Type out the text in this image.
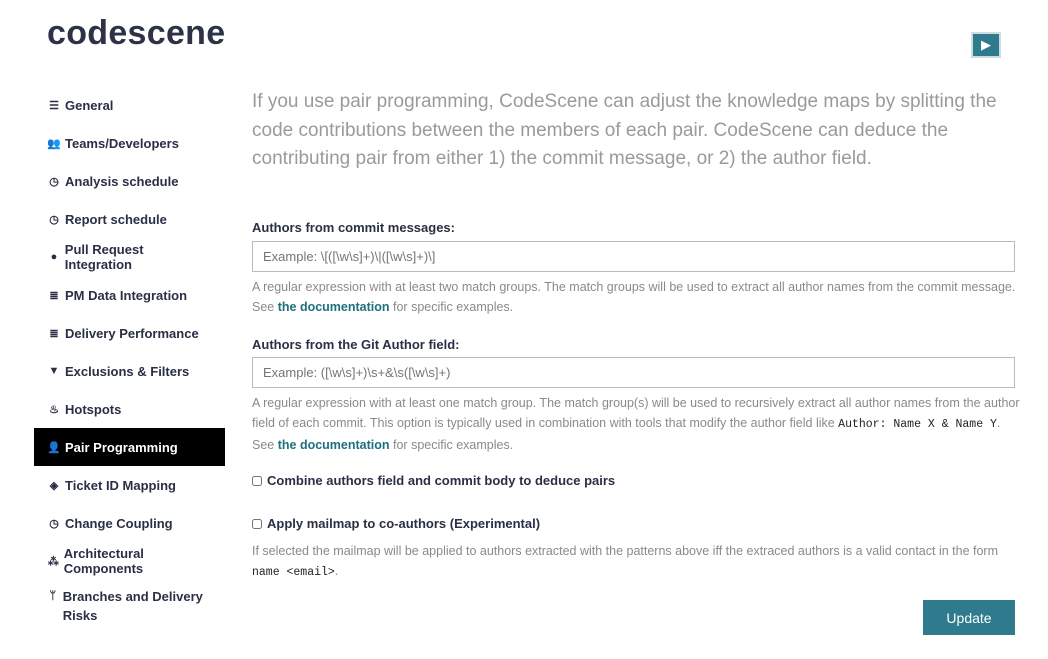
codescene	▶
☰ General
👥 Teams/Developers
◷ Analysis schedule
◷ Report schedule
● Pull Request Integration
≣ PM Data Integration
≣ Delivery Performance
▼ Exclusions & Filters
♨ Hotspots
👤 Pair Programming
◈ Ticket ID Mapping
◷ Change Coupling
⁂
Architectural Components
ᛘ Branches and Delivery Risks
If you use pair programming, CodeScene can adjust the knowledge maps by splitting the code contributions between the members of each pair. CodeScene can deduce the contributing pair from either 1) the commit message, or 2) the author field.
Authors from commit messages:
Example: \[([\w\s]+)\|([\w\s]+)\]
A regular expression with at least two match groups. The match groups will be used to extract all author names from the commit message. See the documentation for specific examples.
Authors from the Git Author field:
Example: ([\w\s]+)\s+&\s([\w\s]+)
A regular expression with at least one match group. The match group(s) will be used to recursively extract all author names from the author field of each commit. This option is typically used in combination with tools that modify the author field like Author: Name X & Name Y. See the documentation for specific examples.
Combine authors field and commit body to deduce pairs
Apply mailmap to co-authors (Experimental)
If selected the mailmap will be applied to authors extracted with the patterns above iff the extraced authors is a valid contact in the form name <email>.
Update
